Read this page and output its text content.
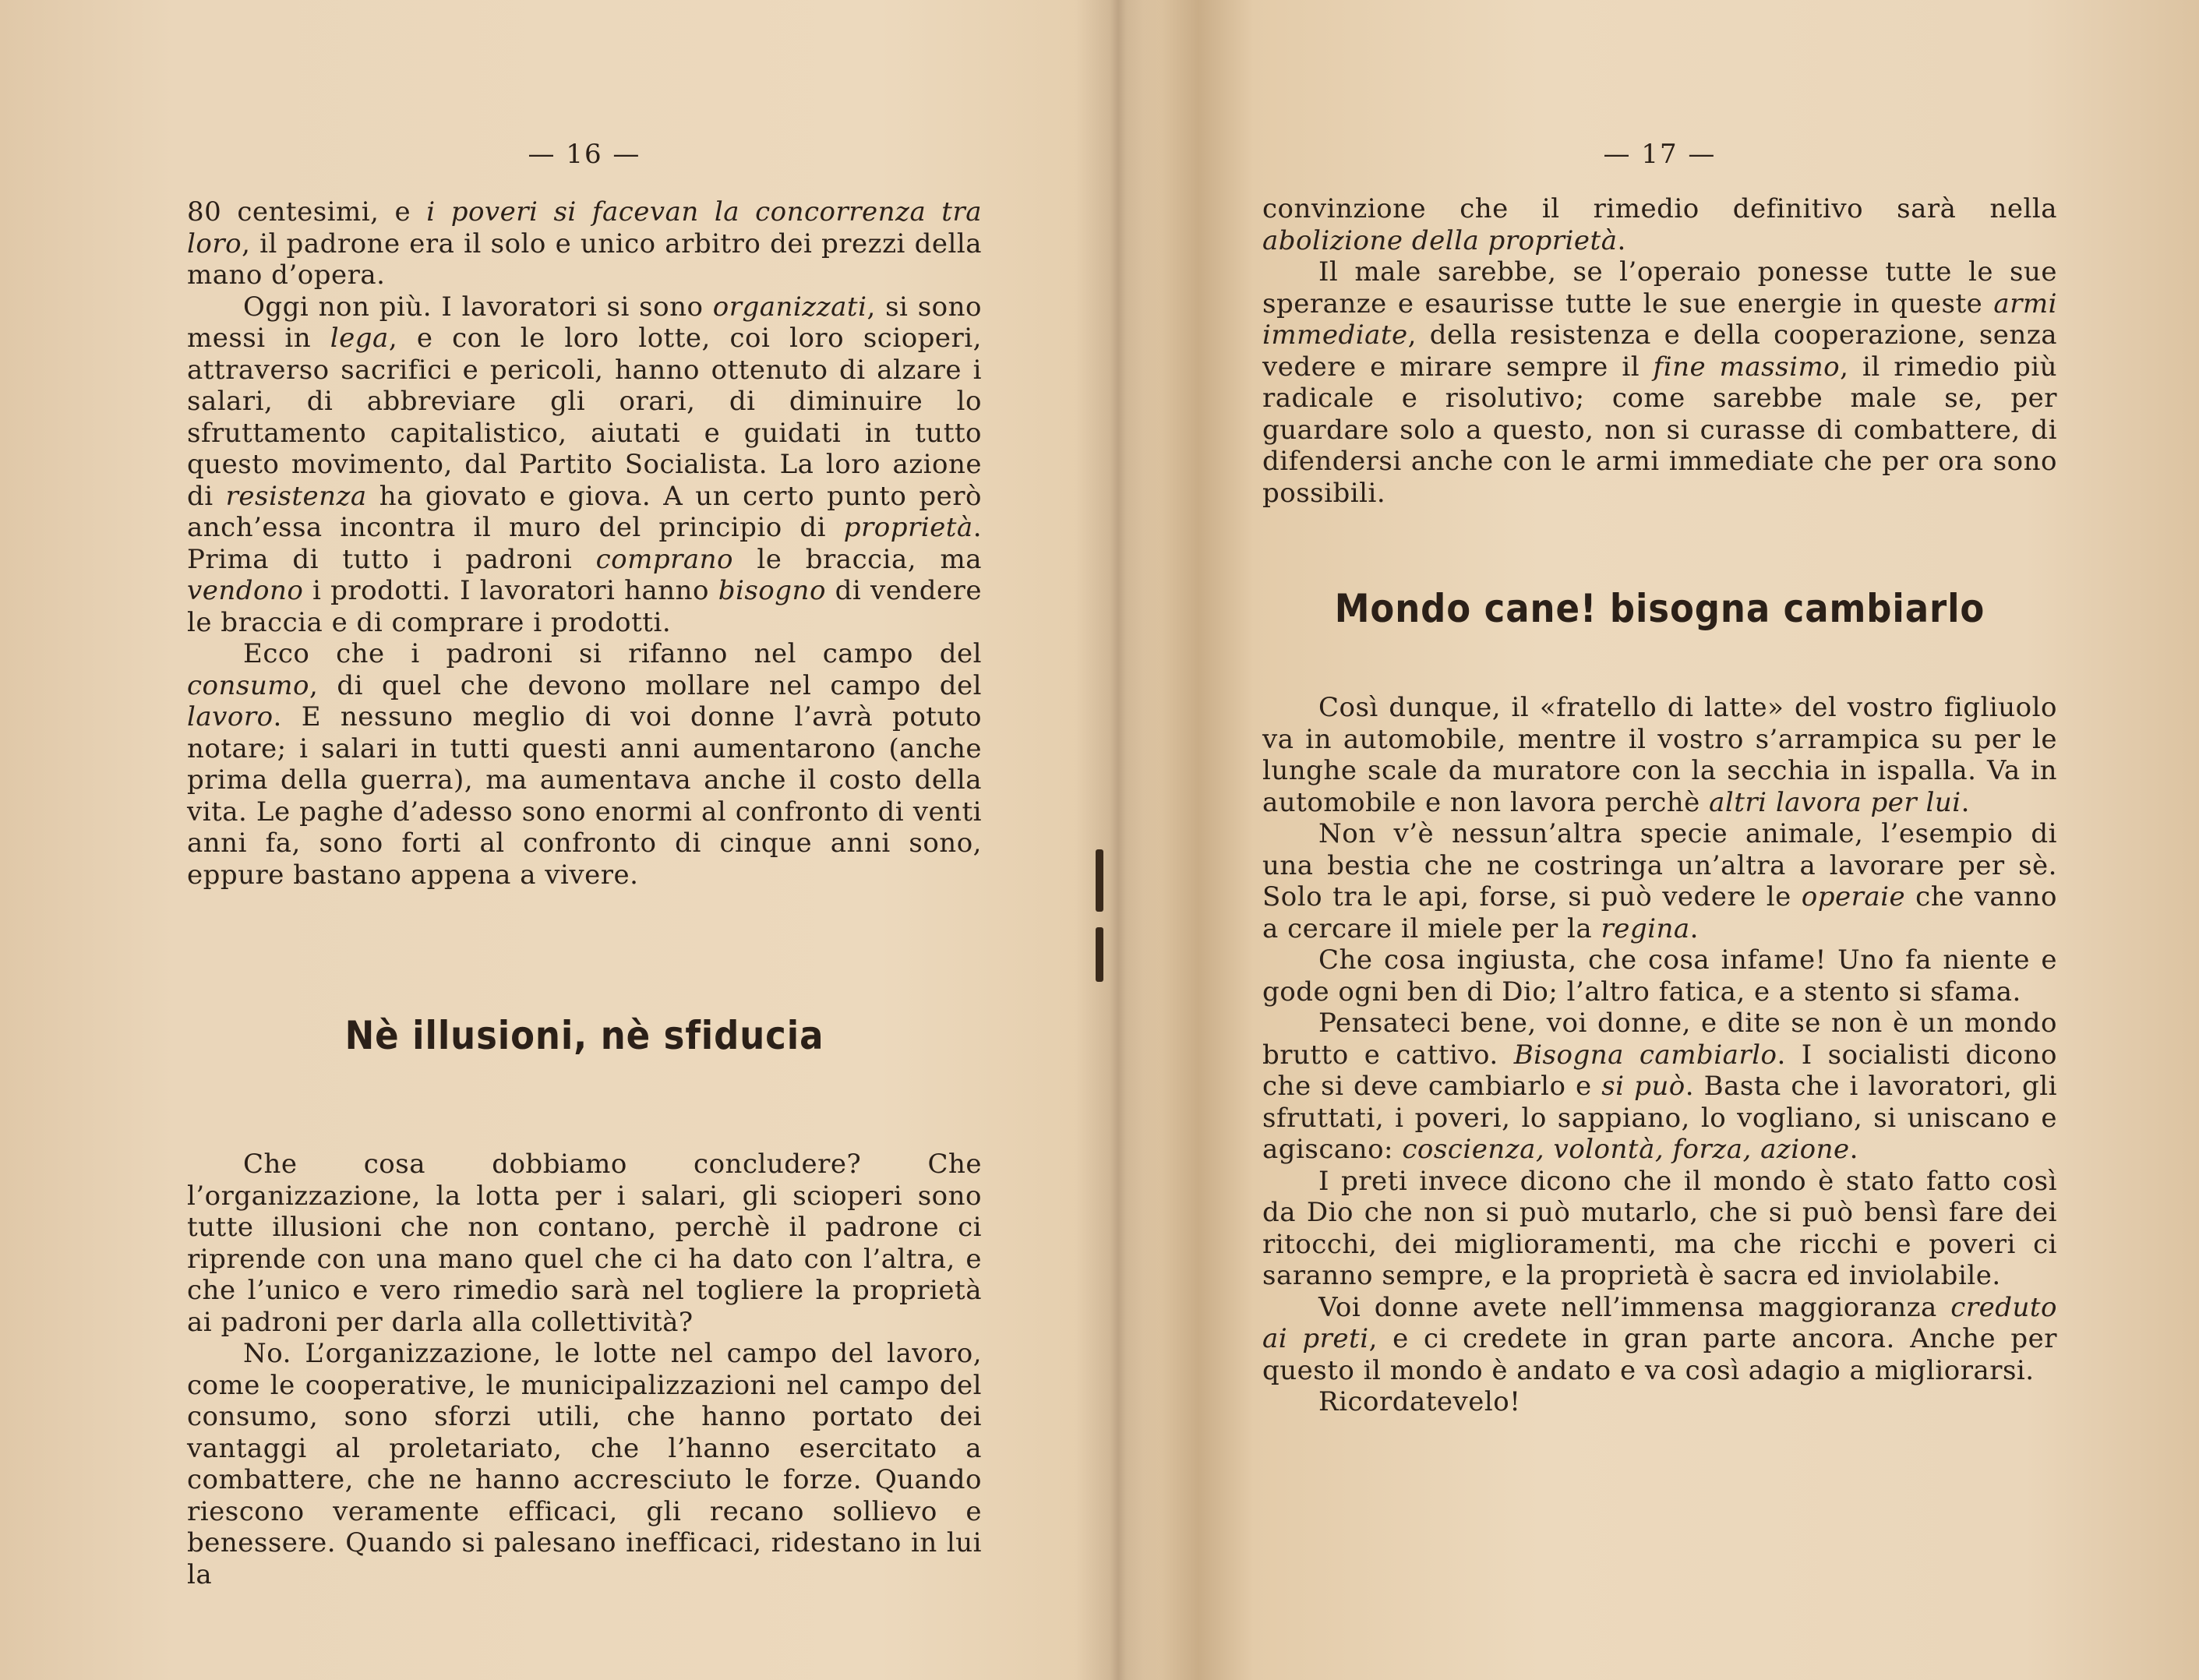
— 16 —

80 centesimi, e i poveri si facevan la concorrenza tra loro, il padrone era il solo e unico arbitro dei prezzi della mano d’opera.

Oggi non più. I lavoratori si sono organizzati, si sono messi in lega, e con le loro lotte, coi loro scioperi, attraverso sacrifici e pericoli, hanno ottenuto di alzare i salari, di abbreviare gli orari, di diminuire lo sfruttamento capitalistico, aiutati e guidati in tutto questo movimento, dal Partito Socialista. La loro azione di resistenza ha giovato e giova. A un certo punto però anch’essa incontra il muro del principio di proprietà. Prima di tutto i padroni comprano le braccia, ma vendono i prodotti. I lavoratori hanno bisogno di vendere le braccia e di comprare i prodotti.

Ecco che i padroni si rifanno nel campo del consumo, di quel che devono mollare nel campo del lavoro. E nessuno meglio di voi donne l’avrà potuto notare; i salari in tutti questi anni aumentarono (anche prima della guerra), ma aumentava anche il costo della vita. Le paghe d’adesso sono enormi al confronto di venti anni fa, sono forti al confronto di cinque anni sono, eppure bastano appena a vivere.

Nè illusioni, nè sfiducia

Che cosa dobbiamo concludere? Che l’organizzazione, la lotta per i salari, gli scioperi sono tutte illusioni che non contano, perchè il padrone ci riprende con una mano quel che ci ha dato con l’altra, e che l’unico e vero rimedio sarà nel togliere la proprietà ai padroni per darla alla collettività?

No. L’organizzazione, le lotte nel campo del lavoro, come le cooperative, le municipalizzazioni nel campo del consumo, sono sforzi utili, che hanno portato dei vantaggi al proletariato, che l’hanno esercitato a combattere, che ne hanno accresciuto le forze. Quando riescono veramente efficaci, gli recano sollievo e benessere. Quando si palesano inefficaci, ridestano in lui la

— 17 —

convinzione che il rimedio definitivo sarà nella abolizione della proprietà.

Il male sarebbe, se l’operaio ponesse tutte le sue speranze e esaurisse tutte le sue energie in queste armi immediate, della resistenza e della cooperazione, senza vedere e mirare sempre il fine massimo, il rimedio più radicale e risolutivo; come sarebbe male se, per guardare solo a questo, non si curasse di combattere, di difendersi anche con le armi immediate che per ora sono possibili.

Mondo cane! bisogna cambiarlo

Così dunque, il «fratello di latte» del vostro figliuolo va in automobile, mentre il vostro s’arrampica su per le lunghe scale da muratore con la secchia in ispalla. Va in automobile e non lavora perchè altri lavora per lui.

Non v’è nessun’altra specie animale, l’esempio di una bestia che ne costringa un’altra a lavorare per sè. Solo tra le api, forse, si può vedere le operaie che vanno a cercare il miele per la regina.

Che cosa ingiusta, che cosa infame! Uno fa niente e gode ogni ben di Dio; l’altro fatica, e a stento si sfama.

Pensateci bene, voi donne, e dite se non è un mondo brutto e cattivo. Bisogna cambiarlo. I socialisti dicono che si deve cambiarlo e si può. Basta che i lavoratori, gli sfruttati, i poveri, lo sappiano, lo vogliano, si uniscano e agiscano: coscienza, volontà, forza, azione.

I preti invece dicono che il mondo è stato fatto così da Dio che non si può mutarlo, che si può bensì fare dei ritocchi, dei miglioramenti, ma che ricchi e poveri ci saranno sempre, e la proprietà è sacra ed inviolabile.

Voi donne avete nell’immensa maggioranza creduto ai preti, e ci credete in gran parte ancora. Anche per questo il mondo è andato e va così adagio a migliorarsi.

Ricordatevelo!
